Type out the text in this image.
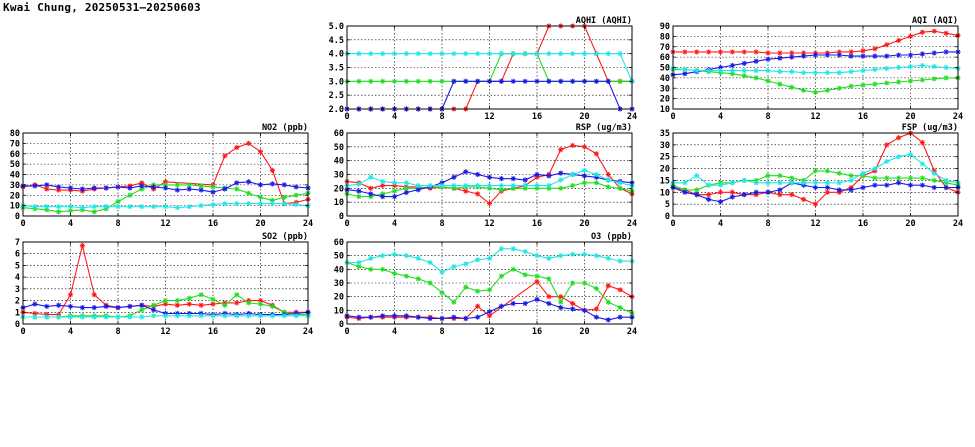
Kwai Chung, 20250531–20250603
0	4	8	12	16	20	24
2.0
2.5
3.0
3.5
4.0
4.5
5.0
AQHI (AQHI)
0	4	8	12	16	20	24
10
20
30
40
50
60
70
80
90
AQI (AQI)
0	4	8	12	16	20	24
0
10
20
30
40
50
60
70
80
NO2 (ppb)
0	4	8	12	16	20	24
0
10
20
30
40
50
60
RSP (ug/m3)
0	4	8	12	16	20	24
0
5
10
15
20
25
30
35
FSP (ug/m3)
0	4	8	12	16	20	24
0
1
2
3
4
5
6
7
SO2 (ppb)
0	4	8	12	16	20	24
0
10
20
30
40
50
60
O3 (ppb)
